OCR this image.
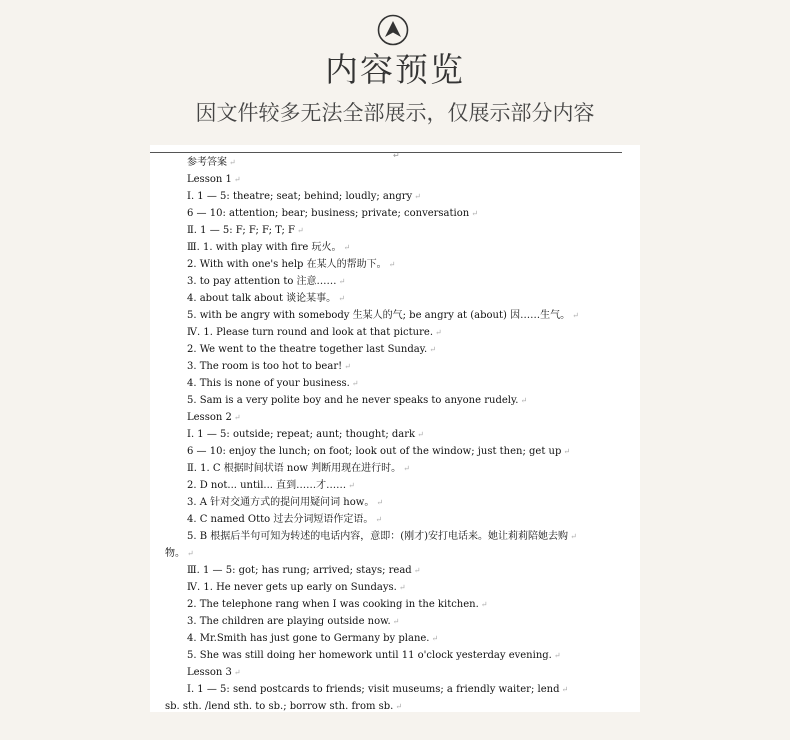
内容预览
因文件较多无法全部展示，仅展示部分内容
↵
参考答案 ↵
Lesson 1 ↵
Ⅰ. 1 — 5: theatre; seat; behind; loudly; angry ↵
6 — 10: attention; bear; business; private; conversation ↵
Ⅱ. 1 — 5: F; F; F; T; F ↵
Ⅲ. 1. with play with fire 玩火。 ↵
2. With with one's help 在某人的帮助下。 ↵
3. to pay attention to 注意…… ↵
4. about talk about 谈论某事。 ↵
5. with be angry with somebody 生某人的气; be angry at (about) 因……生气。 ↵
Ⅳ. 1. Please turn round and look at that picture. ↵
2. We went to the theatre together last Sunday. ↵
3. The room is too hot to bear! ↵
4. This is none of your business. ↵
5. Sam is a very polite boy and he never speaks to anyone rudely. ↵
Lesson 2 ↵
Ⅰ. 1 — 5: outside; repeat; aunt; thought; dark ↵
6 — 10: enjoy the lunch; on foot; look out of the window; just then; get up ↵
Ⅱ. 1. C 根据时间状语 now 判断用现在进行时。 ↵
2. D not... until... 直到……才…… ↵
3. A 针对交通方式的提问用疑问词 how。 ↵
4. C named Otto 过去分词短语作定语。 ↵
5. B 根据后半句可知为转述的电话内容，意即：(刚才)安打电话来。她让莉莉陪她去购 ↵
物。 ↵
Ⅲ. 1 — 5: got; has rung; arrived; stays; read ↵
Ⅳ. 1. He never gets up early on Sundays. ↵
2. The telephone rang when I was cooking in the kitchen. ↵
3. The children are playing outside now. ↵
4. Mr.Smith has just gone to Germany by plane. ↵
5. She was still doing her homework until 11 o'clock yesterday evening. ↵
Lesson 3 ↵
Ⅰ. 1 — 5: send postcards to friends; visit museums; a friendly waiter; lend ↵
sb. sth. /lend sth. to sb.; borrow sth. from sb. ↵
